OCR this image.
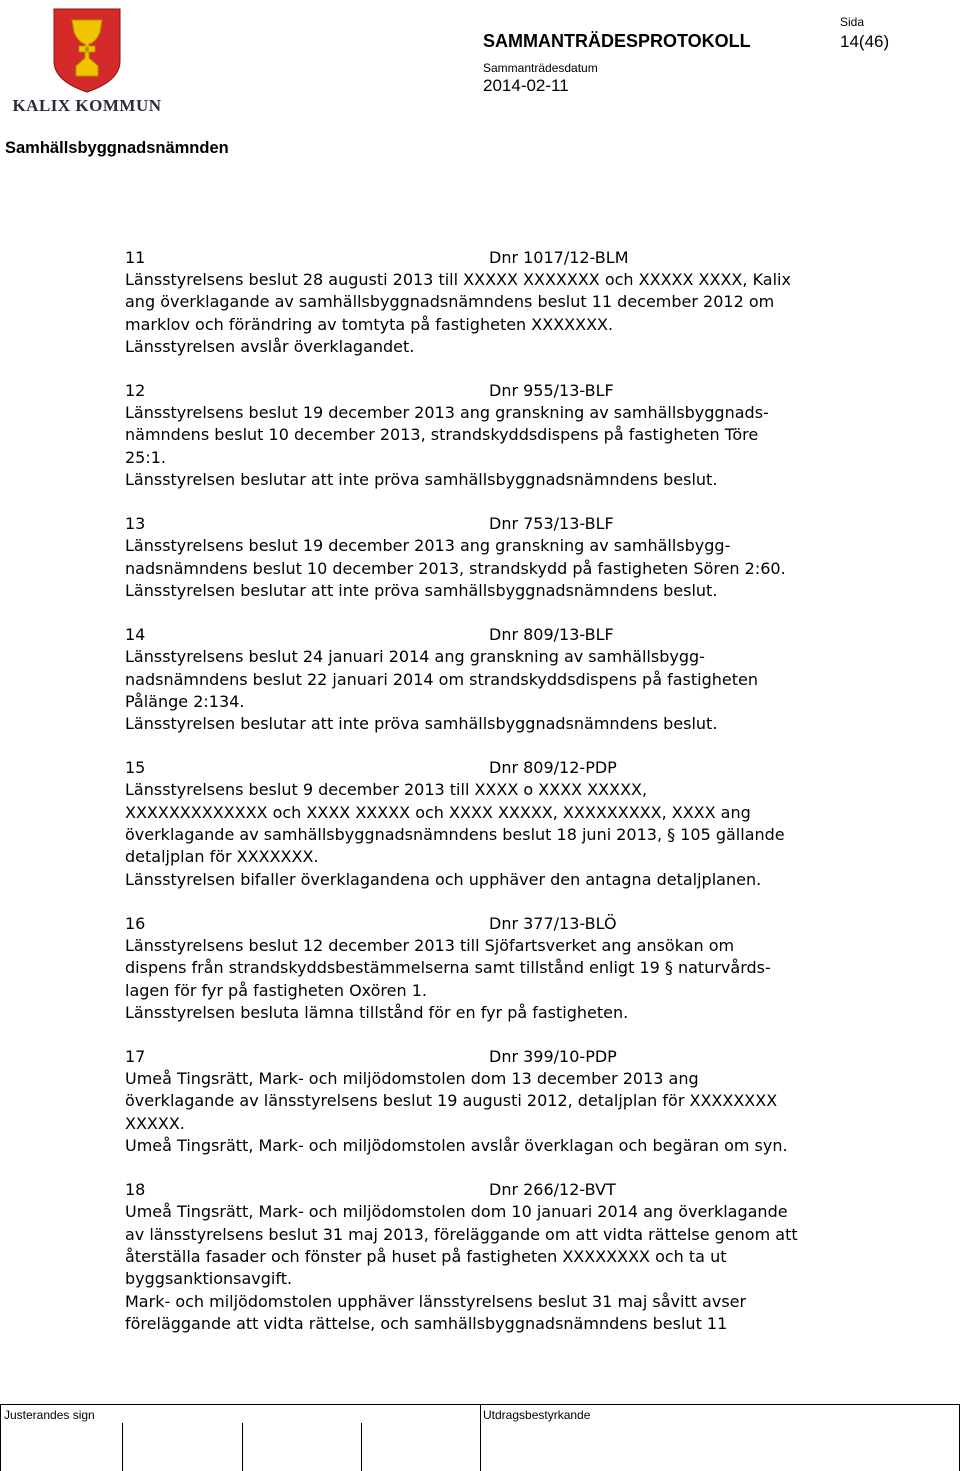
KALIX KOMMUN
SAMMANTRÄDESPROTOKOLL
Sammanträdesdatum
2014-02-11
Sida
14(46)
Samhällsbyggnadsnämnden
11	Dnr 1017/12-BLM
Länsstyrelsens beslut 28 augusti 2013 till XXXXX XXXXXXX och XXXXX XXXX, Kalix
ang överklagande av samhällsbyggnadsnämndens beslut 11 december 2012 om
marklov och förändring av tomtyta på fastigheten XXXXXXX.
Länsstyrelsen avslår överklagandet.
12	Dnr 955/13-BLF
Länsstyrelsens beslut 19 december 2013 ang granskning av samhällsbyggnads-
nämndens beslut 10 december 2013, strandskyddsdispens på fastigheten Töre
25:1.
Länsstyrelsen beslutar att inte pröva samhällsbyggnadsnämndens beslut.
13	Dnr 753/13-BLF
Länsstyrelsens beslut 19 december 2013 ang granskning av samhällsbygg-
nadsnämndens beslut 10 december 2013, strandskydd på fastigheten Sören 2:60.
Länsstyrelsen beslutar att inte pröva samhällsbyggnadsnämndens beslut.
14	Dnr 809/13-BLF
Länsstyrelsens beslut 24 januari 2014 ang granskning av samhällsbygg-
nadsnämndens beslut 22 januari 2014 om strandskyddsdispens på fastigheten
Pålänge 2:134.
Länsstyrelsen beslutar att inte pröva samhällsbyggnadsnämndens beslut.
15	Dnr 809/12-PDP
Länsstyrelsens beslut 9 december 2013 till XXXX o XXXX XXXXX,
XXXXXXXXXXXXX och XXXX XXXXX och XXXX XXXXX, XXXXXXXXX, XXXX ang
överklagande av samhällsbyggnadsnämndens beslut 18 juni 2013, § 105 gällande
detaljplan för XXXXXXX.
Länsstyrelsen bifaller överklagandena och upphäver den antagna detaljplanen.
16	Dnr 377/13-BLÖ
Länsstyrelsens beslut 12 december 2013 till Sjöfartsverket ang ansökan om
dispens från strandskyddsbestämmelserna samt tillstånd enligt 19 § naturvårds-
lagen för fyr på fastigheten Oxören 1.
Länsstyrelsen besluta lämna tillstånd för en fyr på fastigheten.
17	Dnr 399/10-PDP
Umeå Tingsrätt, Mark- och miljödomstolen dom 13 december 2013 ang
överklagande av länsstyrelsens beslut 19 augusti 2012, detaljplan för XXXXXXXX
XXXXX.
Umeå Tingsrätt, Mark- och miljödomstolen avslår överklagan och begäran om syn.
18	Dnr 266/12-BVT
Umeå Tingsrätt, Mark- och miljödomstolen dom 10 januari 2014 ang överklagande
av länsstyrelsens beslut 31 maj 2013, föreläggande om att vidta rättelse genom att
återställa fasader och fönster på huset på fastigheten XXXXXXXX och ta ut
byggsanktionsavgift.
Mark- och miljödomstolen upphäver länsstyrelsens beslut 31 maj såvitt avser
föreläggande att vidta rättelse, och samhällsbyggnadsnämndens beslut 11
Justerandes sign	Utdragsbestyrkande
